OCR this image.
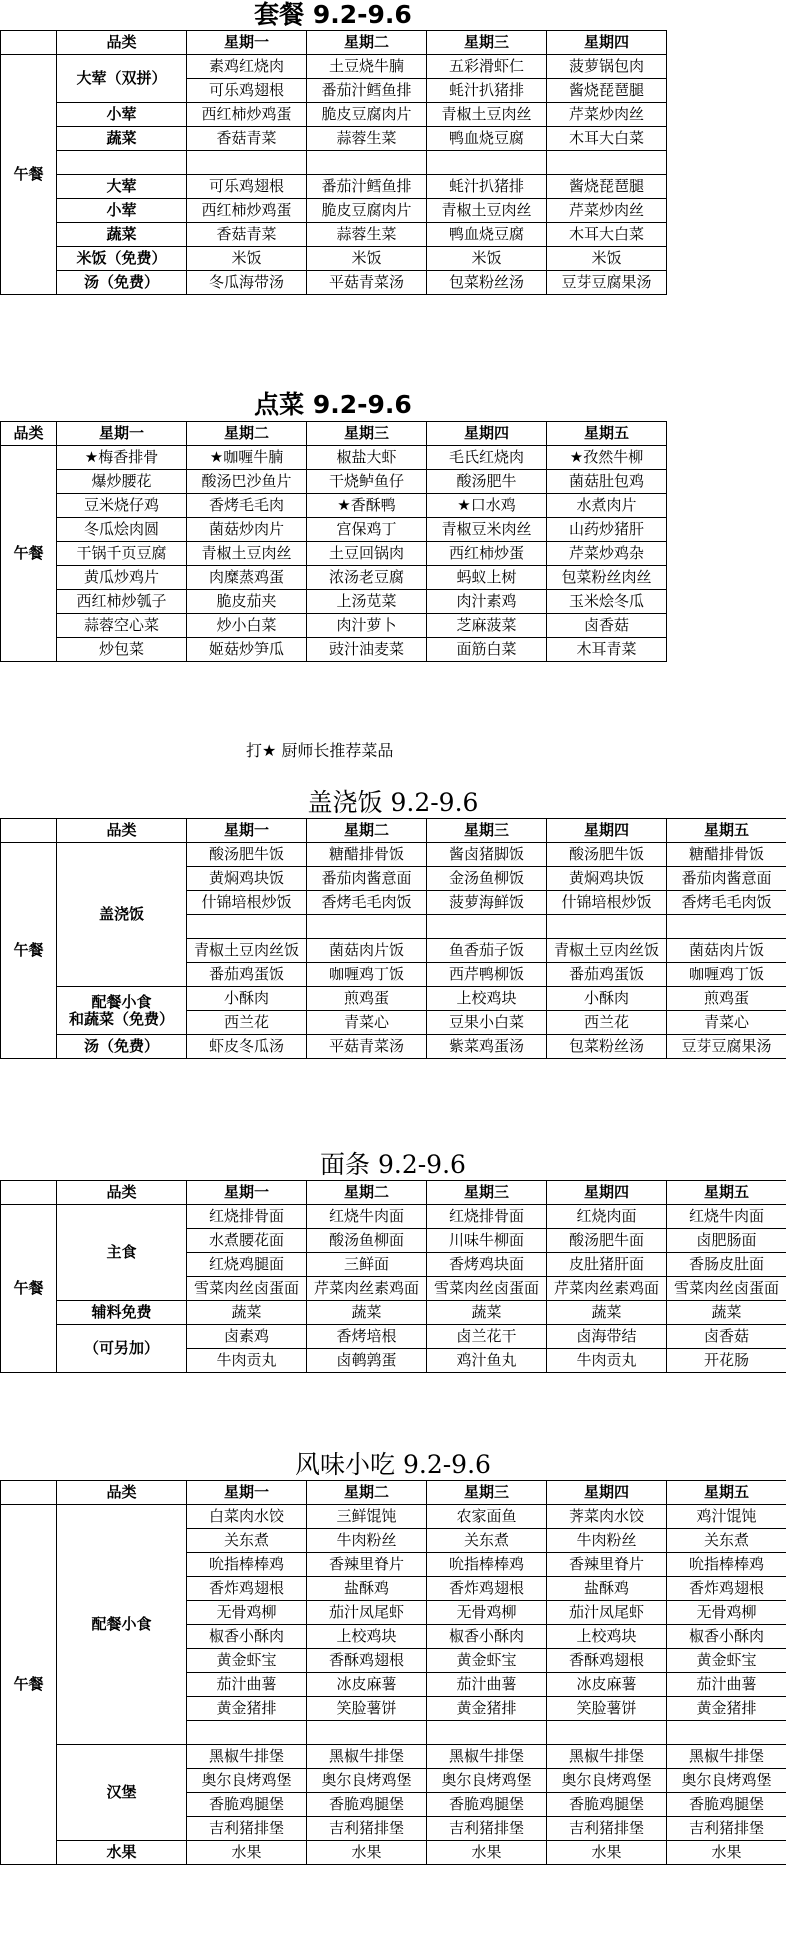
套餐 9.2-9.6
	品类	星期一	星期二	星期三	星期四	
午餐	大荤（双拼）	素鸡红烧肉	土豆烧牛腩	五彩滑虾仁	菠萝锅包肉	
		可乐鸡翅根	番茄汁鳕鱼排	蚝汁扒猪排	酱烧琵琶腿	
	小荤	西红柿炒鸡蛋	脆皮豆腐肉片	青椒土豆肉丝	芹菜炒肉丝	
	蔬菜	香菇青菜	蒜蓉生菜	鸭血烧豆腐	木耳大白菜	

	大荤	可乐鸡翅根	番茄汁鳕鱼排	蚝汁扒猪排	酱烧琵琶腿	
	小荤	西红柿炒鸡蛋	脆皮豆腐肉片	青椒土豆肉丝	芹菜炒肉丝	
	蔬菜	香菇青菜	蒜蓉生菜	鸭血烧豆腐	木耳大白菜	
	米饭（免费）	米饭	米饭	米饭	米饭	
	汤（免费）	冬瓜海带汤	平菇青菜汤	包菜粉丝汤	豆芽豆腐果汤	
点菜 9.2-9.6
品类	星期一	星期二	星期三	星期四	星期五
午餐	★梅香排骨	★咖喱牛腩	椒盐大虾	毛氏红烧肉	★孜然牛柳
	爆炒腰花	酸汤巴沙鱼片	干烧鲈鱼仔	酸汤肥牛	菌菇肚包鸡
	豆米烧仔鸡	香烤毛毛肉	★香酥鸭	★口水鸡	水煮肉片
	冬瓜烩肉圆	菌菇炒肉片	宫保鸡丁	青椒豆米肉丝	山药炒猪肝
	干锅千页豆腐	青椒土豆肉丝	土豆回锅肉	西红柿炒蛋	芹菜炒鸡杂
	黄瓜炒鸡片	肉糜蒸鸡蛋	浓汤老豆腐	蚂蚁上树	包菜粉丝肉丝
	西红柿炒瓠子	脆皮茄夹	上汤苋菜	肉汁素鸡	玉米烩冬瓜
	蒜蓉空心菜	炒小白菜	肉汁萝卜	芝麻菠菜	卤香菇
	炒包菜	姬菇炒笋瓜	豉汁油麦菜	面筋白菜	木耳青菜
打★ 厨师长推荐菜品
盖浇饭 9.2-9.6
	品类	星期一	星期二	星期三	星期四	星期五
午餐	盖浇饭	酸汤肥牛饭	糖醋排骨饭	酱卤猪脚饭	酸汤肥牛饭	糖醋排骨饭
		黄焖鸡块饭	番茄肉酱意面	金汤鱼柳饭	黄焖鸡块饭	番茄肉酱意面
		什锦培根炒饭	香烤毛毛肉饭	菠萝海鲜饭	什锦培根炒饭	香烤毛毛肉饭

		青椒土豆肉丝饭	菌菇肉片饭	鱼香茄子饭	青椒土豆肉丝饭	菌菇肉片饭
		番茄鸡蛋饭	咖喱鸡丁饭	西芹鸭柳饭	番茄鸡蛋饭	咖喱鸡丁饭

	配餐小食
和蔬菜（免费）	小酥肉	煎鸡蛋	上校鸡块	小酥肉	煎鸡蛋
		西兰花	青菜心	豆果小白菜	西兰花	青菜心
	汤（免费）	虾皮冬瓜汤	平菇青菜汤	紫菜鸡蛋汤	包菜粉丝汤	豆芽豆腐果汤
面条 9.2-9.6
	品类	星期一	星期二	星期三	星期四	星期五
午餐	主食	红烧排骨面	红烧牛肉面	红烧排骨面	红烧肉面	红烧牛肉面
		水煮腰花面	酸汤鱼柳面	川味牛柳面	酸汤肥牛面	卤肥肠面
		红烧鸡腿面	三鲜面	香烤鸡块面	皮肚猪肝面	香肠皮肚面
		雪菜肉丝卤蛋面	芹菜肉丝素鸡面	雪菜肉丝卤蛋面	芹菜肉丝素鸡面	雪菜肉丝卤蛋面
	辅料免费	蔬菜	蔬菜	蔬菜	蔬菜	蔬菜
	（可另加）	卤素鸡	香烤培根	卤兰花干	卤海带结	卤香菇
		牛肉贡丸	卤鹌鹑蛋	鸡汁鱼丸	牛肉贡丸	开花肠
风味小吃 9.2-9.6
	品类	星期一	星期二	星期三	星期四	星期五
午餐	配餐小食	白菜肉水饺	三鲜馄饨	农家面鱼	荠菜肉水饺	鸡汁馄饨
		关东煮	牛肉粉丝	关东煮	牛肉粉丝	关东煮
		吮指棒棒鸡	香辣里脊片	吮指棒棒鸡	香辣里脊片	吮指棒棒鸡
		香炸鸡翅根	盐酥鸡	香炸鸡翅根	盐酥鸡	香炸鸡翅根
		无骨鸡柳	茄汁凤尾虾	无骨鸡柳	茄汁凤尾虾	无骨鸡柳
		椒香小酥肉	上校鸡块	椒香小酥肉	上校鸡块	椒香小酥肉
		黄金虾宝	香酥鸡翅根	黄金虾宝	香酥鸡翅根	黄金虾宝
		茄汁曲薯	冰皮麻薯	茄汁曲薯	冰皮麻薯	茄汁曲薯
		黄金猪排	笑脸薯饼	黄金猪排	笑脸薯饼	黄金猪排

	汉堡	黑椒牛排堡	黑椒牛排堡	黑椒牛排堡	黑椒牛排堡	黑椒牛排堡
		奥尔良烤鸡堡	奥尔良烤鸡堡	奥尔良烤鸡堡	奥尔良烤鸡堡	奥尔良烤鸡堡
		香脆鸡腿堡	香脆鸡腿堡	香脆鸡腿堡	香脆鸡腿堡	香脆鸡腿堡
		吉利猪排堡	吉利猪排堡	吉利猪排堡	吉利猪排堡	吉利猪排堡
	水果	水果	水果	水果	水果	水果
